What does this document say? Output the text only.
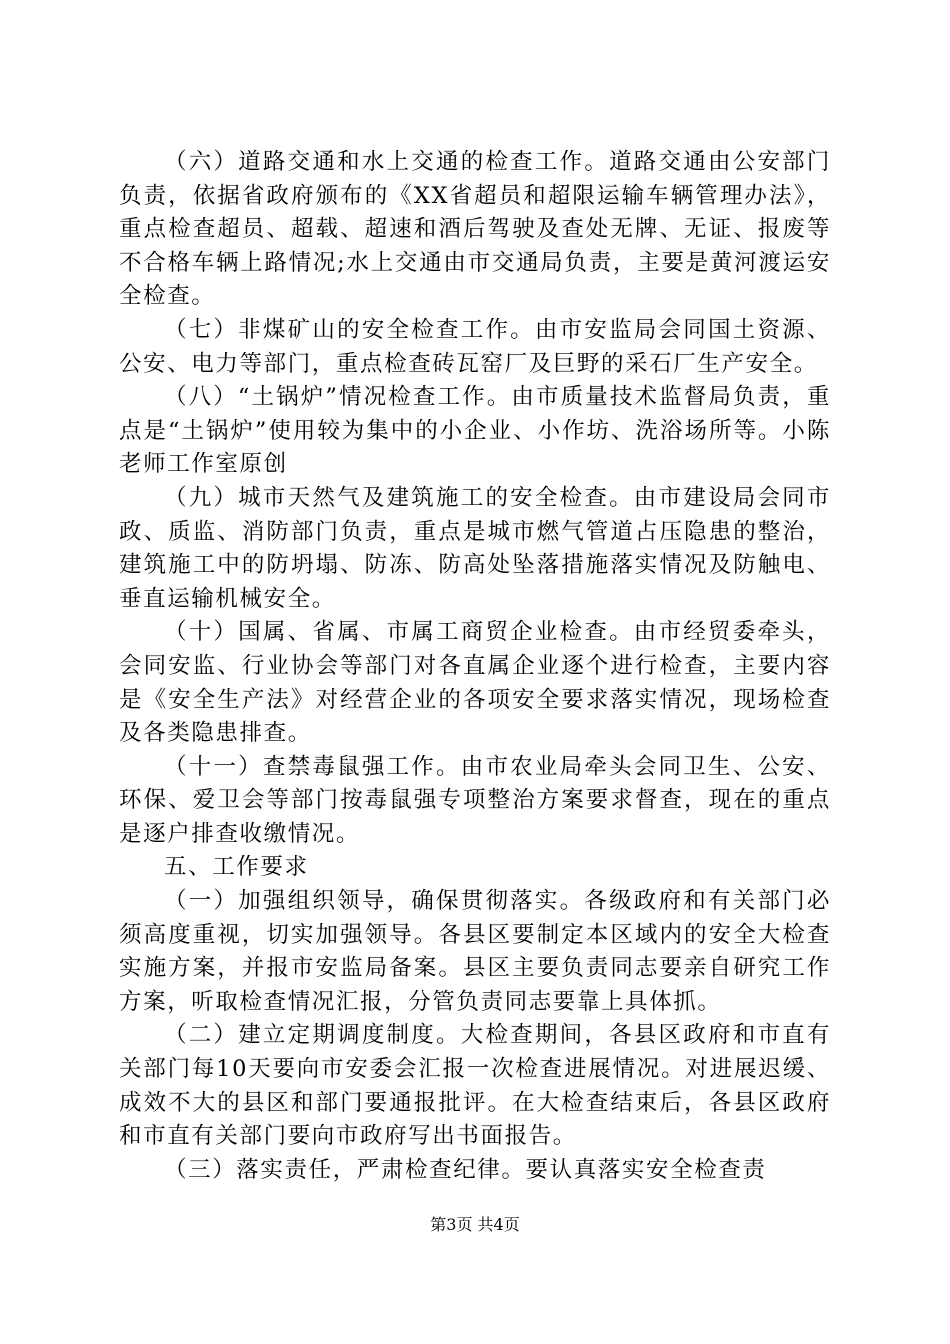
（六）道路交通和水上交通的检查工作。道路交通由公安部门负责，依据省政府颁布的《XX省超员和超限运输车辆管理办法》，重点检查超员、超载、超速和酒后驾驶及查处无牌、无证、报废等不合格车辆上路情况;水上交通由市交通局负责，主要是黄河渡运安全检查。

（七）非煤矿山的安全检查工作。由市安监局会同国土资源、公安、电力等部门，重点检查砖瓦窑厂及巨野的采石厂生产安全。

（八）“土锅炉”情况检查工作。由市质量技术监督局负责，重点是“土锅炉”使用较为集中的小企业、小作坊、洗浴场所等。小陈老师工作室原创

（九）城市天然气及建筑施工的安全检查。由市建设局会同市政、质监、消防部门负责，重点是城市燃气管道占压隐患的整治，建筑施工中的防坍塌、防冻、防高处坠落措施落实情况及防触电、垂直运输机械安全。

（十）国属、省属、市属工商贸企业检查。由市经贸委牵头，会同安监、行业协会等部门对各直属企业逐个进行检查，主要内容是《安全生产法》对经营企业的各项安全要求落实情况，现场检查及各类隐患排查。

（十一）查禁毒鼠强工作。由市农业局牵头会同卫生、公安、环保、爱卫会等部门按毒鼠强专项整治方案要求督查，现在的重点是逐户排查收缴情况。

五、工作要求

（一）加强组织领导，确保贯彻落实。各级政府和有关部门必须高度重视，切实加强领导。各县区要制定本区域内的安全大检查实施方案，并报市安监局备案。县区主要负责同志要亲自研究工作方案，听取检查情况汇报，分管负责同志要靠上具体抓。

（二）建立定期调度制度。大检查期间，各县区政府和市直有关部门每10天要向市安委会汇报一次检查进展情况。对进展迟缓、成效不大的县区和部门要通报批评。在大检查结束后，各县区政府和市直有关部门要向市政府写出书面报告。

（三）落实责任，严肃检查纪律。要认真落实安全检查责

第3页 共4页
